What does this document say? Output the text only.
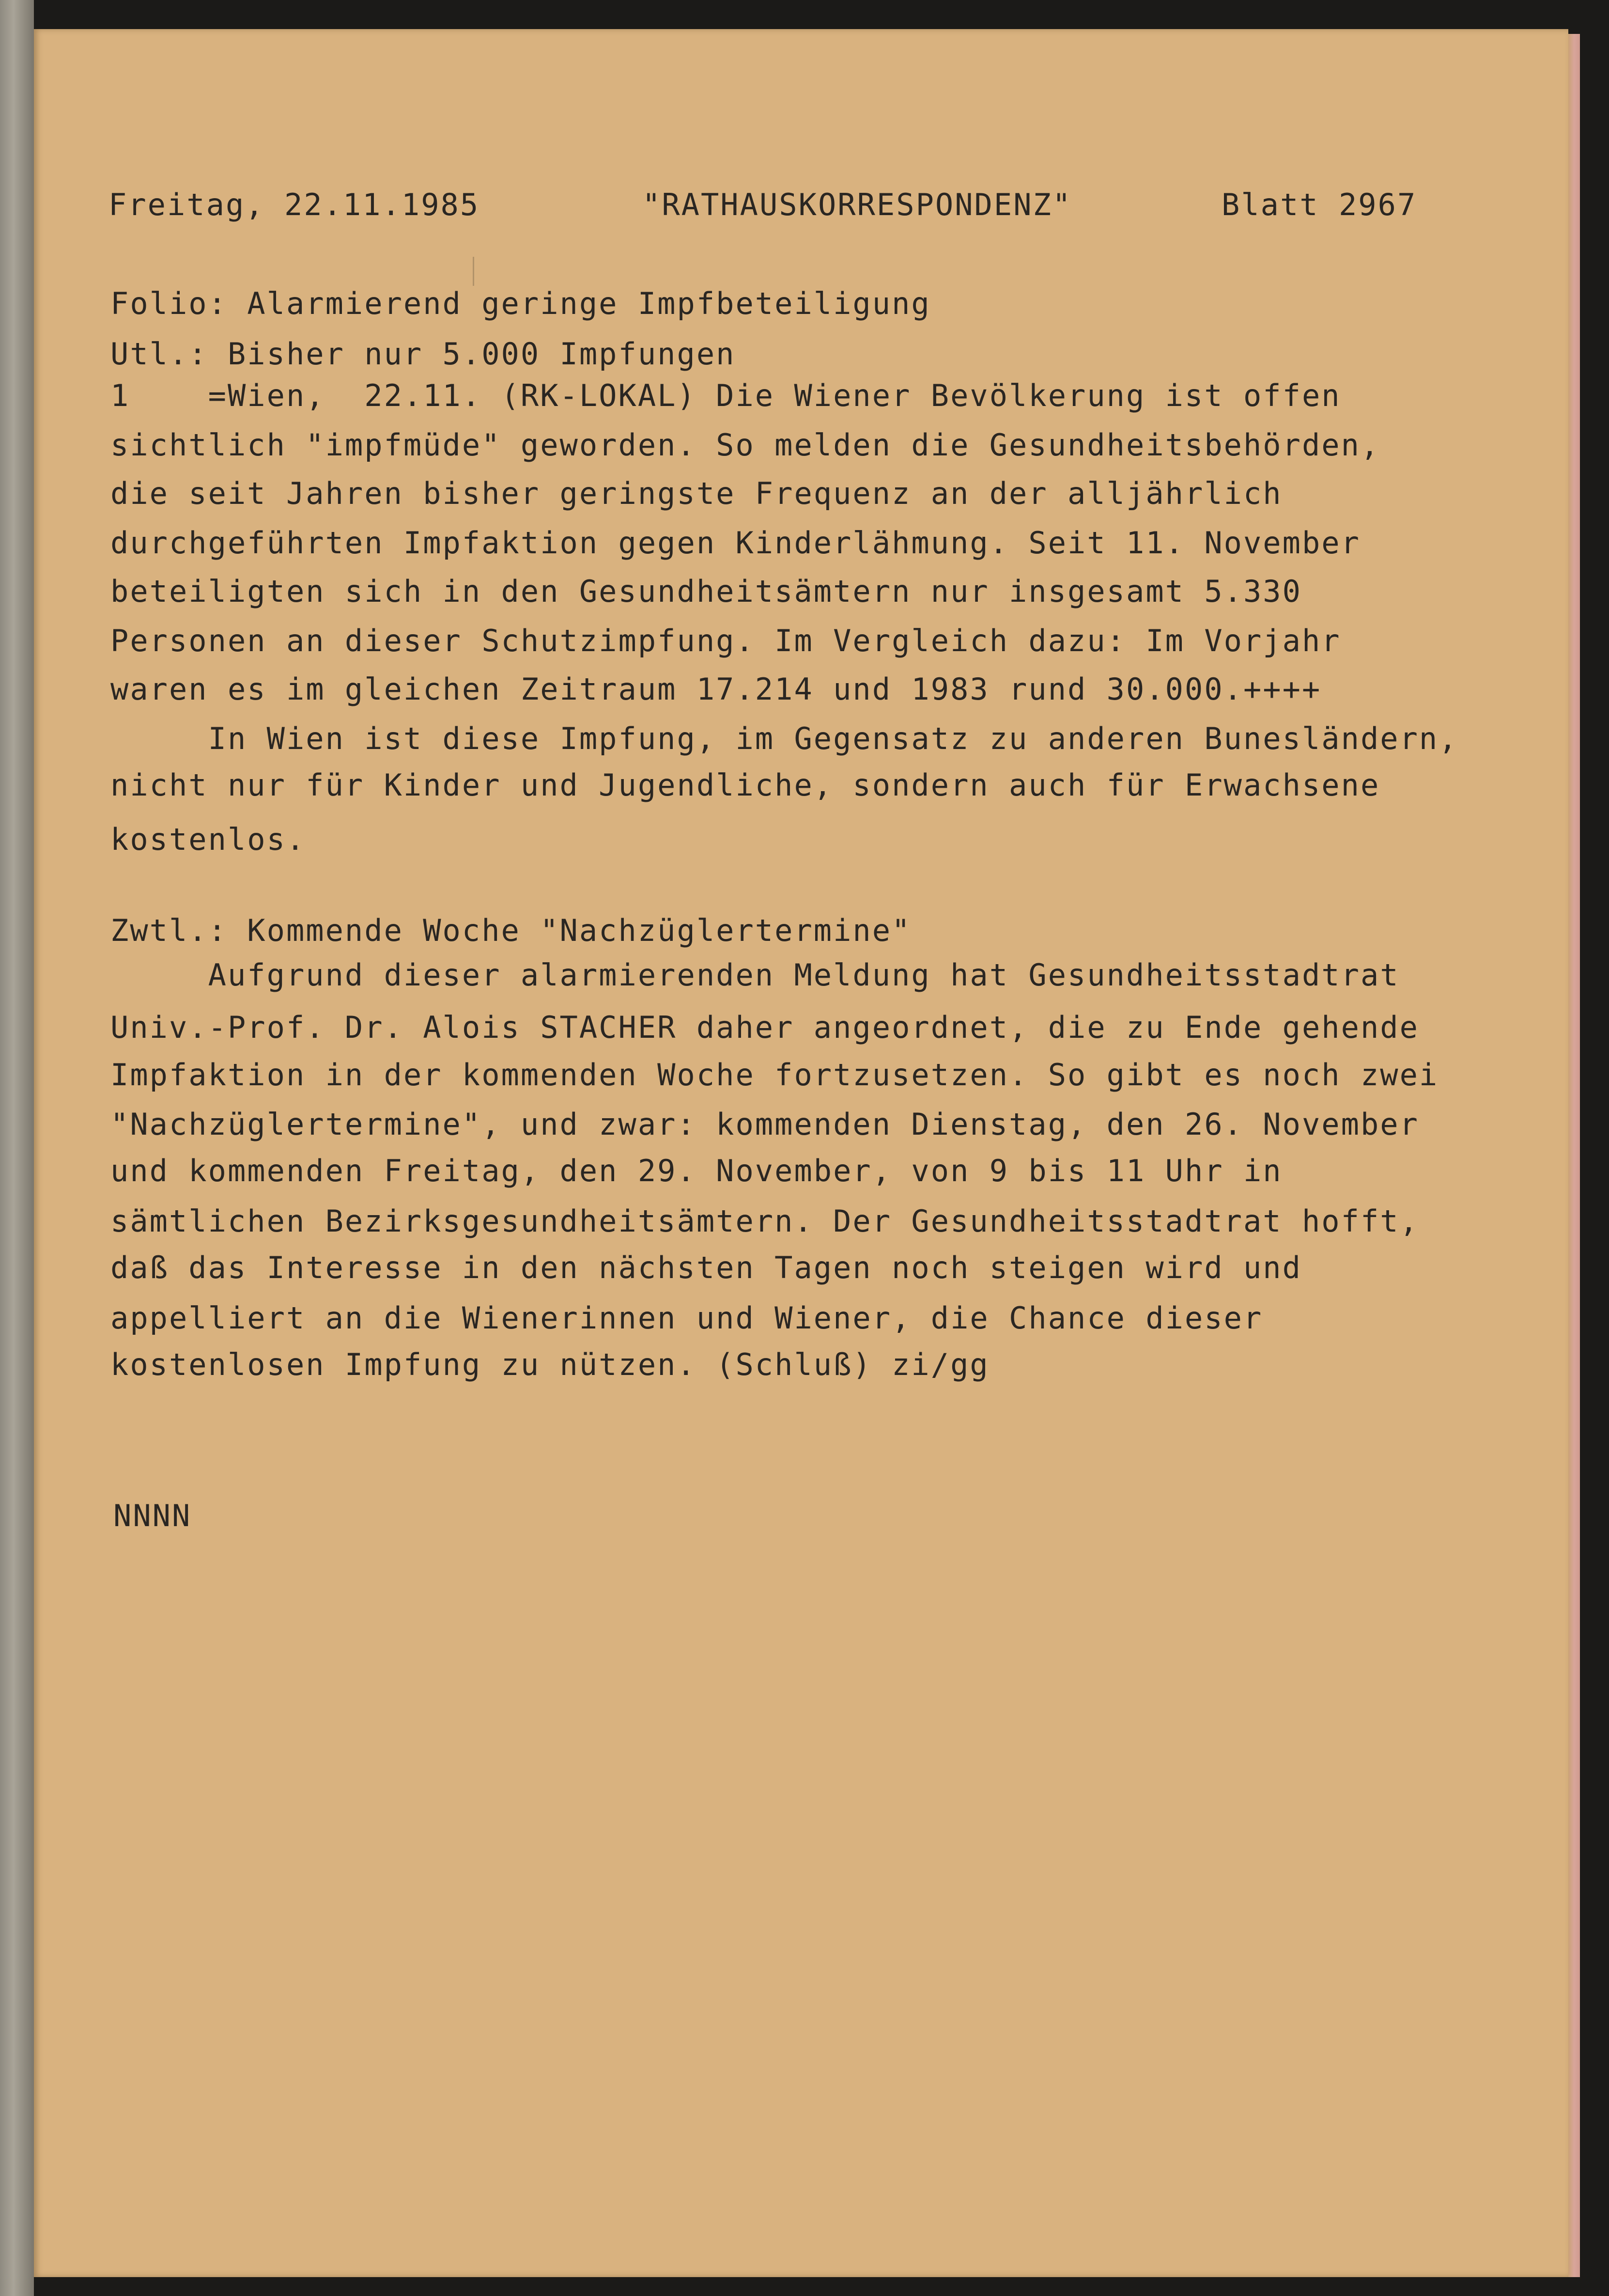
Freitag, 22.11.1985	"RATHAUSKORRESPONDENZ"	Blatt 2967
Folio: Alarmierend geringe Impfbeteiligung
Utl.: Bisher nur 5.000 Impfungen
1    =Wien,  22.11. (RK-LOKAL) Die Wiener Bevölkerung ist offen
sichtlich "impfmüde" geworden. So melden die Gesundheitsbehörden,
die seit Jahren bisher geringste Frequenz an der alljährlich
durchgeführten Impfaktion gegen Kinderlähmung. Seit 11. November
beteiligten sich in den Gesundheitsämtern nur insgesamt 5.330
Personen an dieser Schutzimpfung. Im Vergleich dazu: Im Vorjahr
waren es im gleichen Zeitraum 17.214 und 1983 rund 30.000.++++
In Wien ist diese Impfung, im Gegensatz zu anderen Bunesländern,
nicht nur für Kinder und Jugendliche, sondern auch für Erwachsene
kostenlos.
Zwtl.: Kommende Woche "Nachzüglertermine"
Aufgrund dieser alarmierenden Meldung hat Gesundheitsstadtrat
Univ.-Prof. Dr. Alois STACHER daher angeordnet, die zu Ende gehende
Impfaktion in der kommenden Woche fortzusetzen. So gibt es noch zwei
"Nachzüglertermine", und zwar: kommenden Dienstag, den 26. November
und kommenden Freitag, den 29. November, von 9 bis 11 Uhr in
sämtlichen Bezirksgesundheitsämtern. Der Gesundheitsstadtrat hofft,
daß das Interesse in den nächsten Tagen noch steigen wird und
appelliert an die Wienerinnen und Wiener, die Chance dieser
kostenlosen Impfung zu nützen. (Schluß) zi/gg
NNNN
